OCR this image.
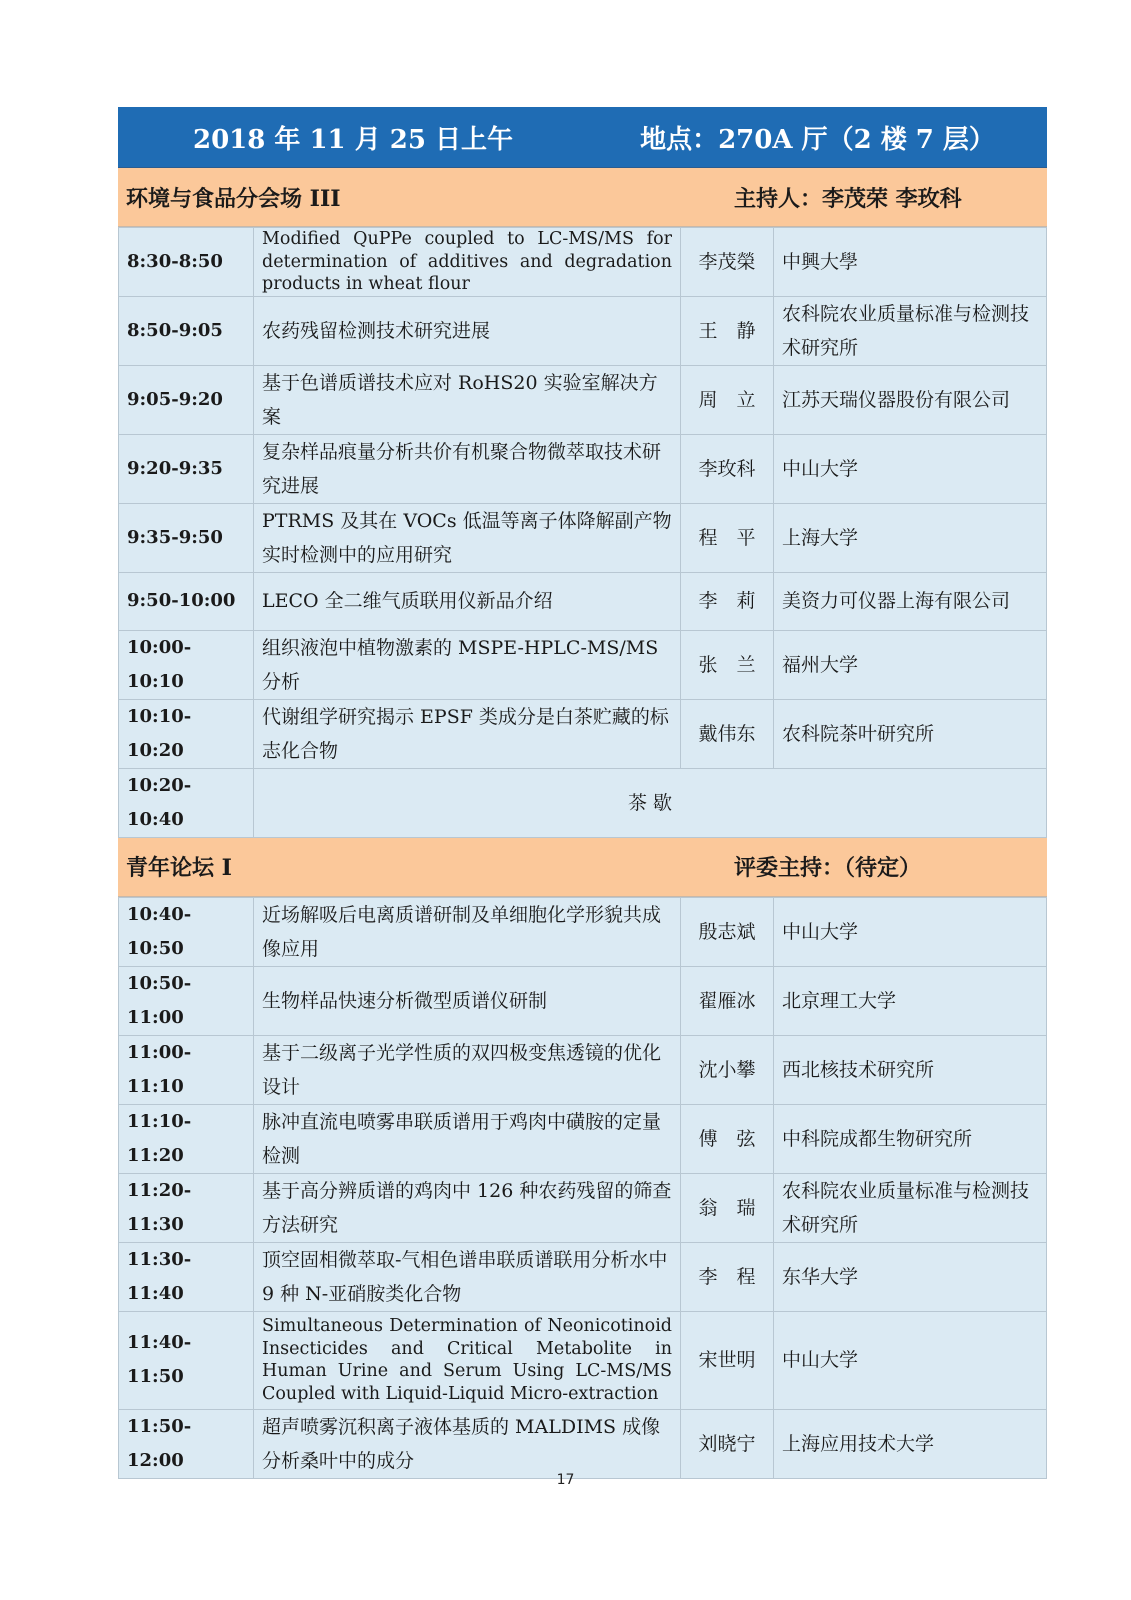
2018 年 11 月 25 日上午	地点：270A 厅（2 楼 7 层）
环境与食品分会场 III	主持人：李茂荣 李玫科
8:30-8:50	Modified QuPPe coupled to LC-MS/MS for determination of additives and degradation products in wheat flour	李茂榮	中興大學
8:50-9:05	农药残留检测技术研究进展	王　静	农科院农业质量标准与检测技术研究所
9:05-9:20	基于色谱质谱技术应对 RoHS20 实验室解决方案	周　立	江苏天瑞仪器股份有限公司
9:20-9:35	复杂样品痕量分析共价有机聚合物微萃取技术研究进展	李玫科	中山大学
9:35-9:50	PTRMS 及其在 VOCs 低温等离子体降解副产物实时检测中的应用研究	程　平	上海大学
9:50-10:00	LECO 全二维气质联用仪新品介绍	李　莉	美资力可仪器上海有限公司
10:00-10:10	组织液泡中植物激素的 MSPE-HPLC-MS/MS 分析	张　兰	福州大学
10:10-10:20	代谢组学研究揭示 EPSF 类成分是白茶贮藏的标志化合物	戴伟东	农科院茶叶研究所
10:20-10:40	茶 歇		
青年论坛 I	评委主持：（待定）
10:40-10:50	近场解吸后电离质谱研制及单细胞化学形貌共成像应用	殷志斌	中山大学
10:50-11:00	生物样品快速分析微型质谱仪研制	翟雁冰	北京理工大学
11:00-11:10	基于二级离子光学性质的双四极变焦透镜的优化设计	沈小攀	西北核技术研究所
11:10-11:20	脉冲直流电喷雾串联质谱用于鸡肉中磺胺的定量检测	傅　弦	中科院成都生物研究所
11:20-11:30	基于高分辨质谱的鸡肉中 126 种农药残留的筛查方法研究	翁　瑞	农科院农业质量标准与检测技术研究所
11:30-11:40	顶空固相微萃取-气相色谱串联质谱联用分析水中 9 种 N-亚硝胺类化合物	李　程	东华大学
11:40-11:50	Simultaneous Determination of Neonicotinoid Insecticides and Critical Metabolite in Human Urine and Serum Using LC-MS/MS Coupled with Liquid-Liquid Micro-extraction	宋世明	中山大学
11:50-12:00	超声喷雾沉积离子液体基质的 MALDIMS 成像分析桑叶中的成分	刘晓宁	上海应用技术大学
17
